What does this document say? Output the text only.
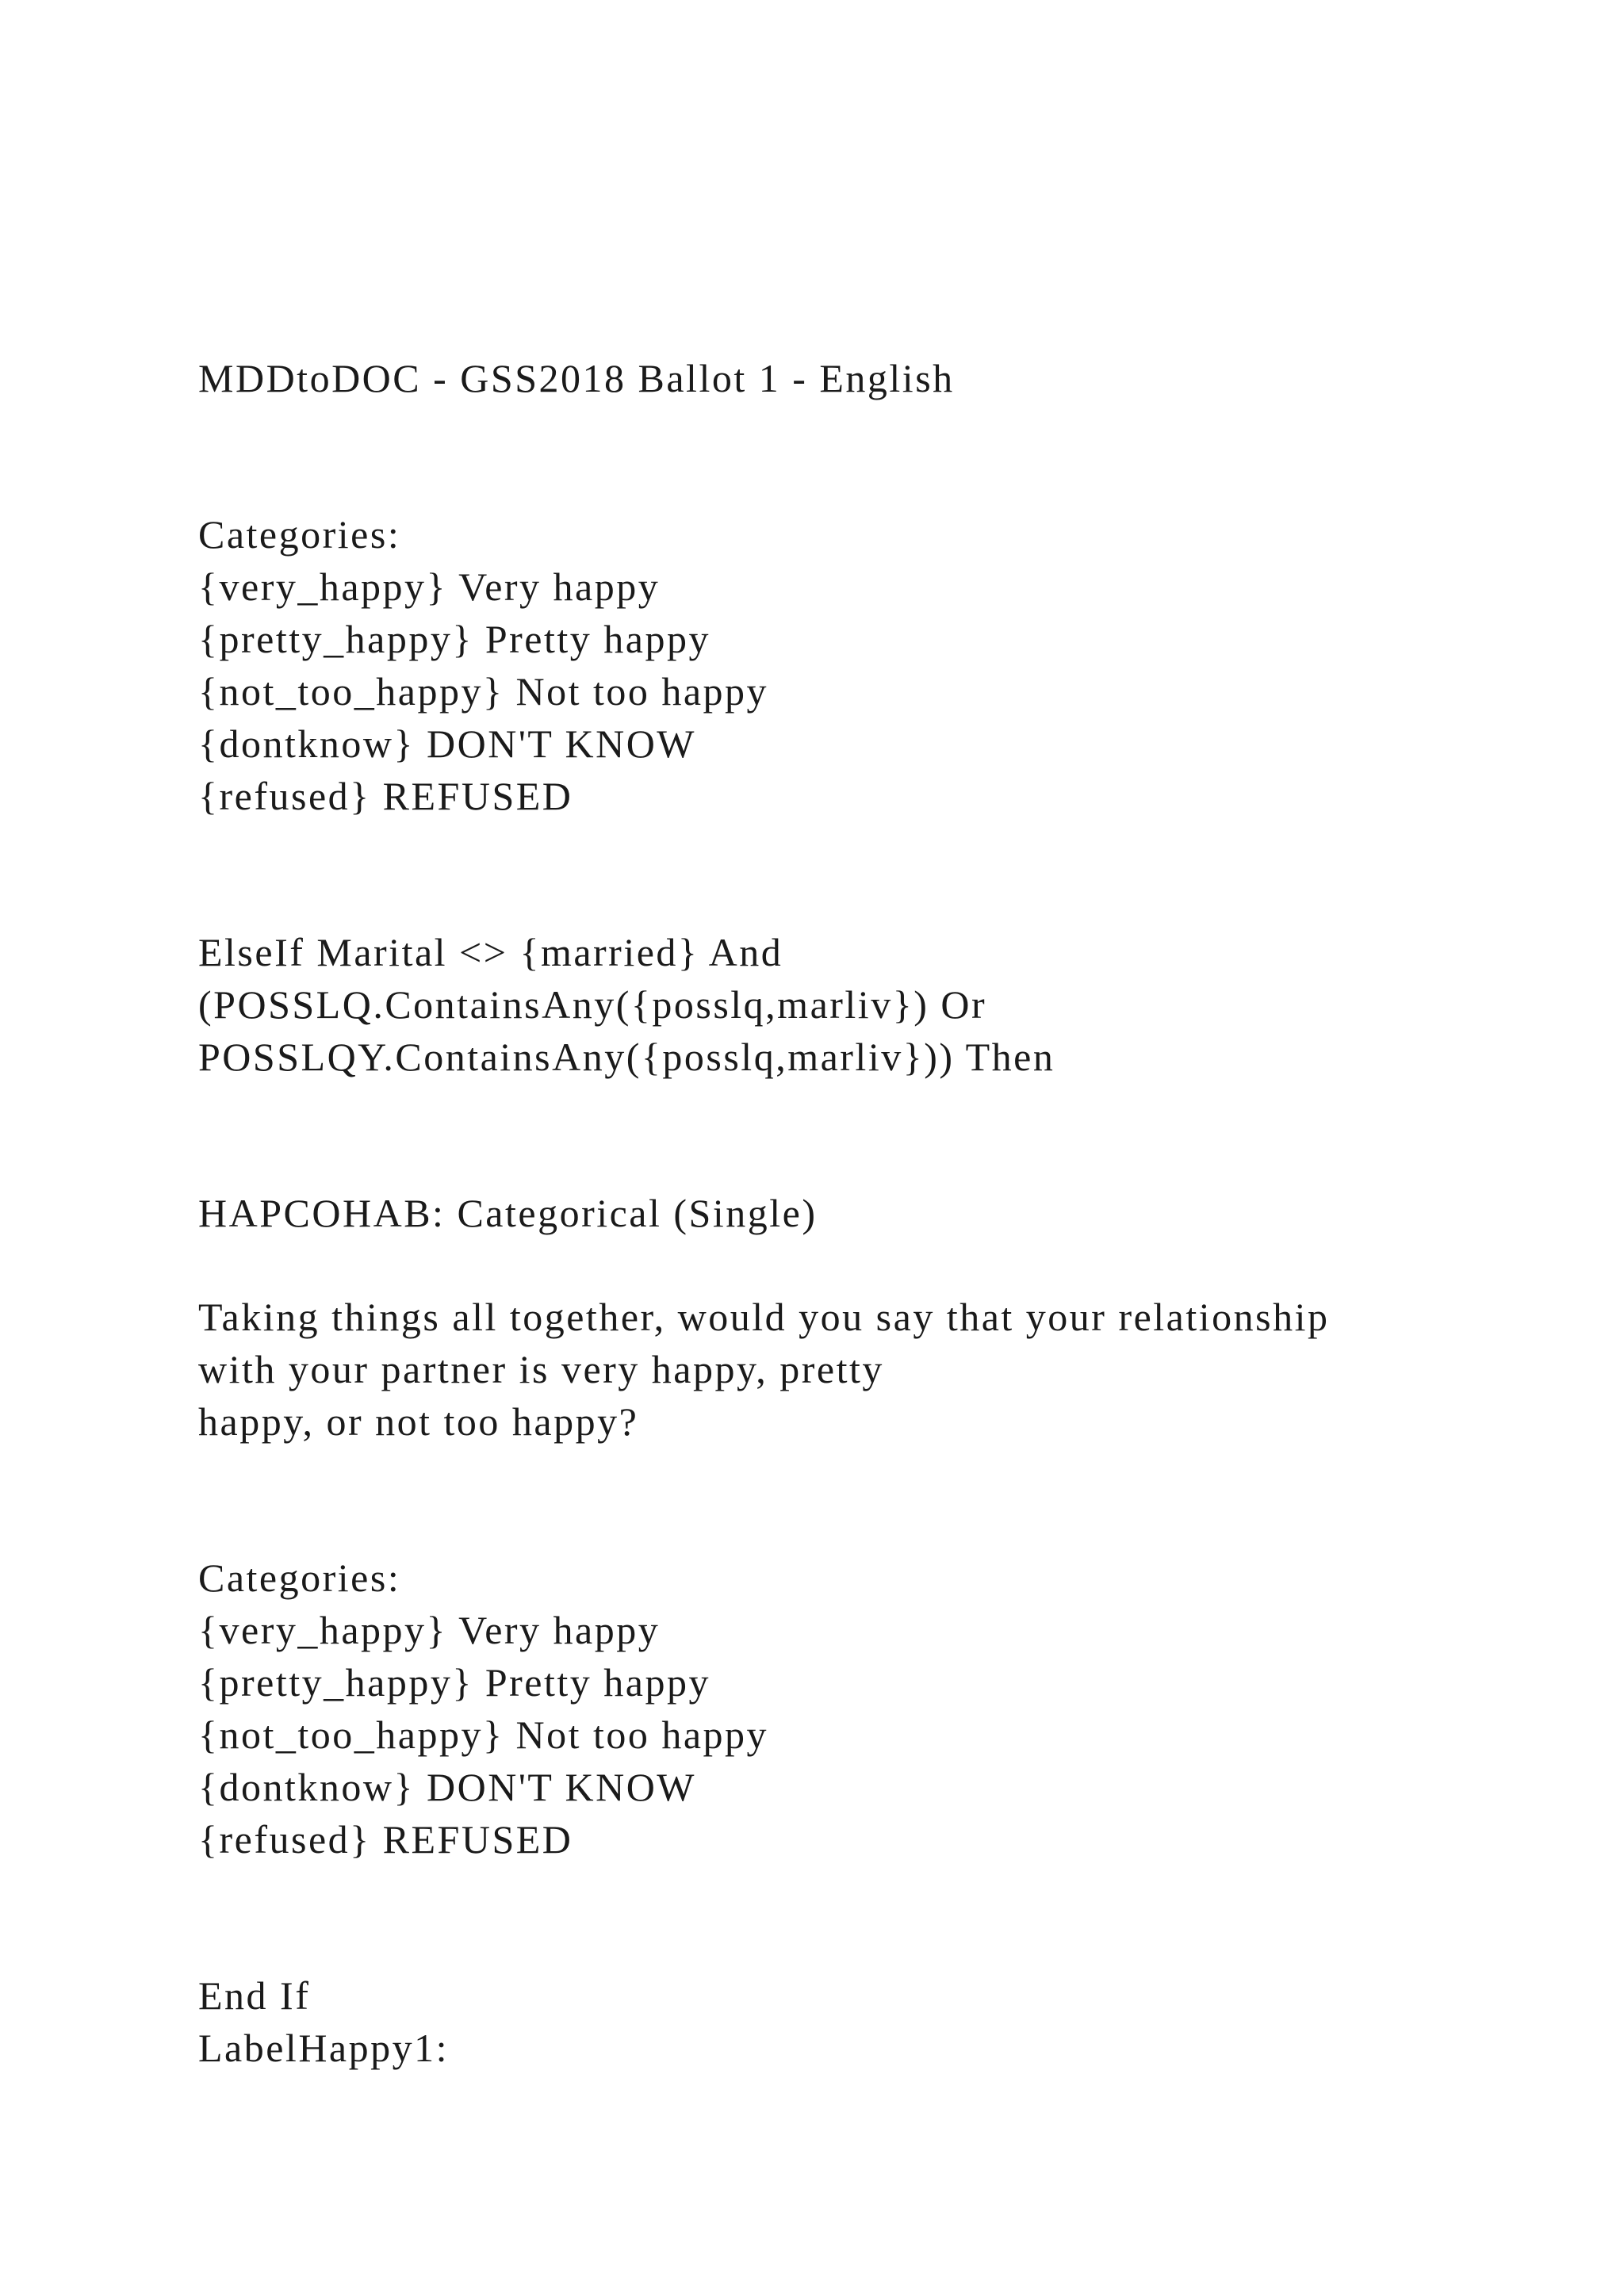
MDDtoDOC - GSS2018 Ballot 1 - English

Categories:

{very_happy} Very happy

{pretty_happy} Pretty happy

{not_too_happy} Not too happy

{dontknow} DON'T KNOW

{refused} REFUSED

ElseIf Marital <> {married} And

(POSSLQ.ContainsAny({posslq,marliv}) Or

POSSLQY.ContainsAny({posslq,marliv})) Then

HAPCOHAB: Categorical (Single)

Taking things all together, would you say that your relationship

with your partner is very happy, pretty

happy, or not too happy?

Categories:

{very_happy} Very happy

{pretty_happy} Pretty happy

{not_too_happy} Not too happy

{dontknow} DON'T KNOW

{refused} REFUSED

End If

LabelHappy1:
